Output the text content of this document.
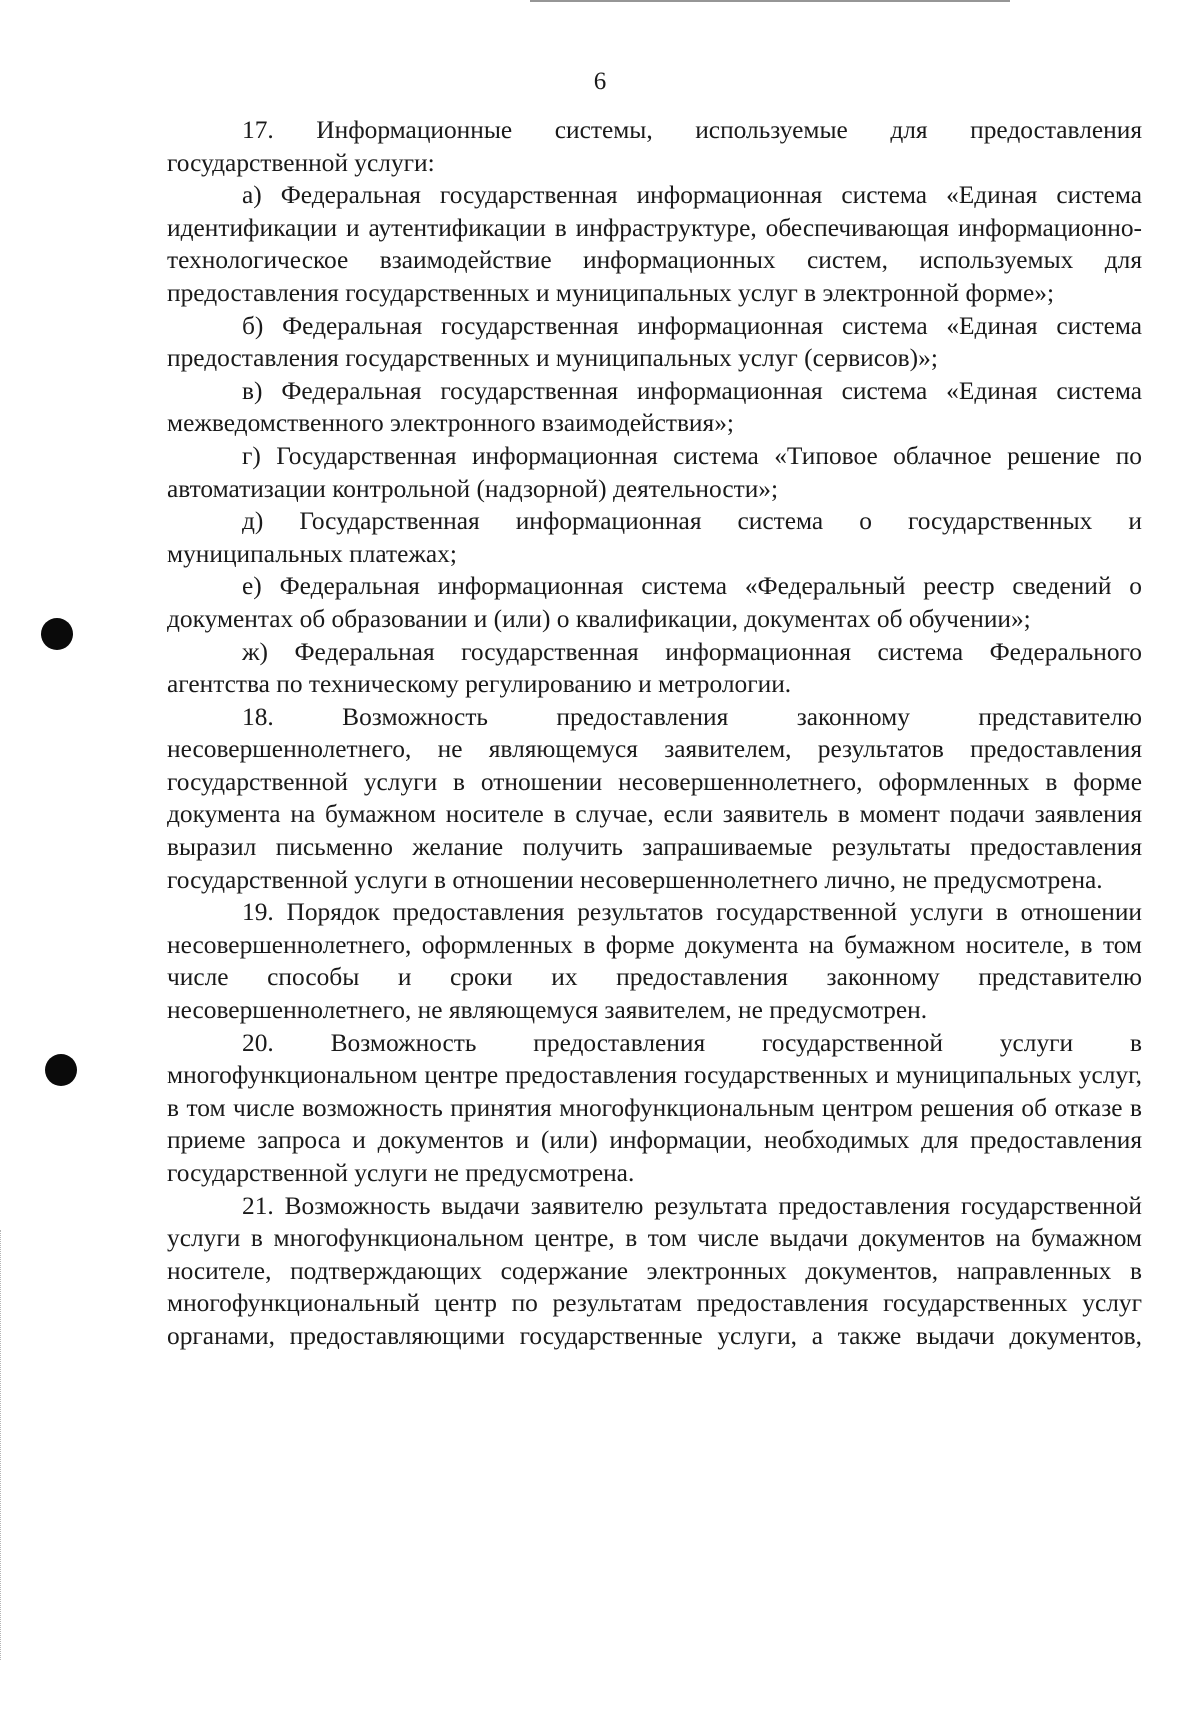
6

17. Информационные системы, используемые для предоставления государственной услуги:

а) Федеральная государственная информационная система «Единая система идентификации и аутентификации в инфраструктуре, обеспечивающая информационно-технологическое взаимодействие информационных систем, используемых для предоставления государственных и муниципальных услуг в электронной форме»;

б) Федеральная государственная информационная система «Единая система предоставления государственных и муниципальных услуг (сервисов)»;

в) Федеральная государственная информационная система «Единая система межведомственного электронного взаимодействия»;

г) Государственная информационная система «Типовое облачное решение по автоматизации контрольной (надзорной) деятельности»;

д) Государственная информационная система о государственных и муниципальных платежах;

е) Федеральная информационная система «Федеральный реестр сведений о документах об образовании и (или) о квалификации, документах об обучении»;

ж) Федеральная государственная информационная система Федерального агентства по техническому регулированию и метрологии.

18. Возможность предоставления законному представителю несовершеннолетнего, не являющемуся заявителем, результатов предоставления государственной услуги в отношении несовершеннолетнего, оформленных в форме документа на бумажном носителе в случае, если заявитель в момент подачи заявления выразил письменно желание получить запрашиваемые результаты предоставления государственной услуги в отношении несовершеннолетнего лично, не предусмотрена.

19. Порядок предоставления результатов государственной услуги в отношении несовершеннолетнего, оформленных в форме документа на бумажном носителе, в том числе способы и сроки их предоставления законному представителю несовершеннолетнего, не являющемуся заявителем, не предусмотрен.

20. Возможность предоставления государственной услуги в многофункциональном центре предоставления государственных и муниципальных услуг, в том числе возможность принятия многофункциональным центром решения об отказе в приеме запроса и документов и (или) информации, необходимых для предоставления государственной услуги не предусмотрена.

21. Возможность выдачи заявителю результата предоставления государственной услуги в многофункциональном центре, в том числе выдачи документов на бумажном носителе, подтверждающих содержание электронных документов, направленных в многофункциональный центр по результатам предоставления государственных услуг органами, предоставляющими государственные услуги, а также выдачи документов,
